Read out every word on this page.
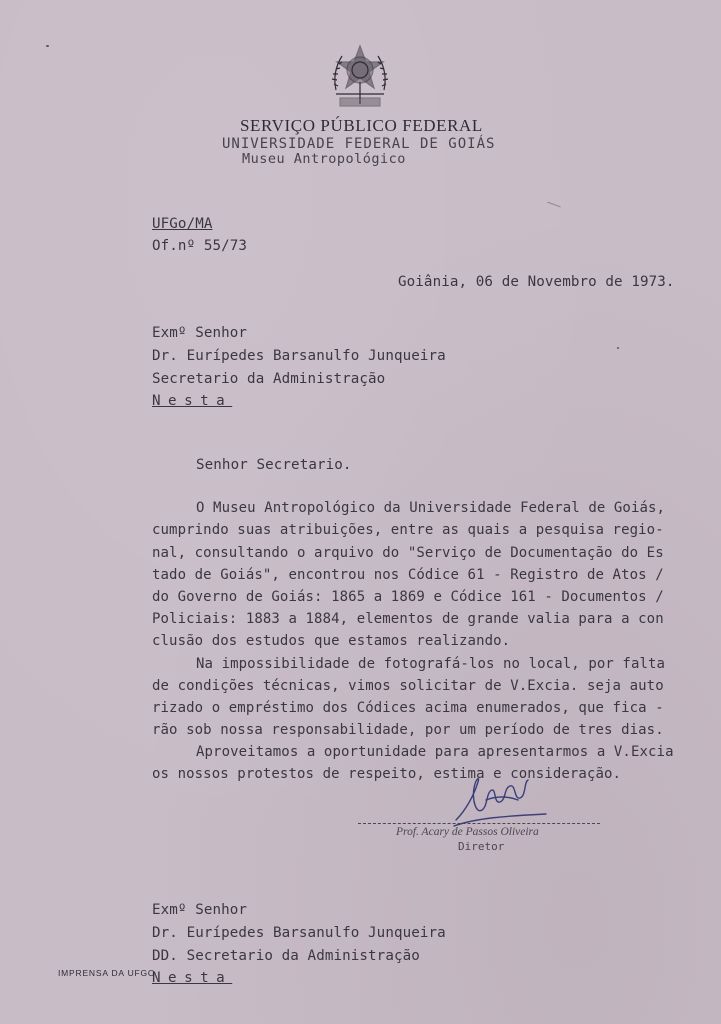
SERVIÇO PÚBLICO FEDERAL
UNIVERSIDADE FEDERAL DE GOIÁS
Museu Antropológico
UFGo/MA
Of.nº 55/73
Goiânia, 06 de Novembro de 1973.
Exmº Senhor
Dr. Eurípedes Barsanulfo Junqueira
Secretario da Administração
Nesta
Senhor Secretario.
O Museu Antropológico da Universidade Federal de Goiás,
cumprindo suas atribuições, entre as quais a pesquisa regio-
nal, consultando o arquivo do "Serviço de Documentação do Es
tado de Goiás", encontrou nos Códice 61 - Registro de Atos /
do Governo de Goiás: 1865 a 1869 e Códice 161 - Documentos /
Policiais: 1883 a 1884, elementos de grande valia para a con
clusão dos estudos que estamos realizando.
Na impossibilidade de fotografá-los no local, por falta
de condições técnicas, vimos solicitar de V.Excia. seja auto
rizado o empréstimo dos Códices acima enumerados, que fica -
rão sob nossa responsabilidade, por um período de tres dias.
Aproveitamos a oportunidade para apresentarmos a V.Excia
os nossos protestos de respeito, estima e consideração.
Prof. Acary de Passos Oliveira
Diretor
Exmº Senhor
Dr. Eurípedes Barsanulfo Junqueira
DD. Secretario da Administração
Nesta
IMPRENSA DA UFGO
